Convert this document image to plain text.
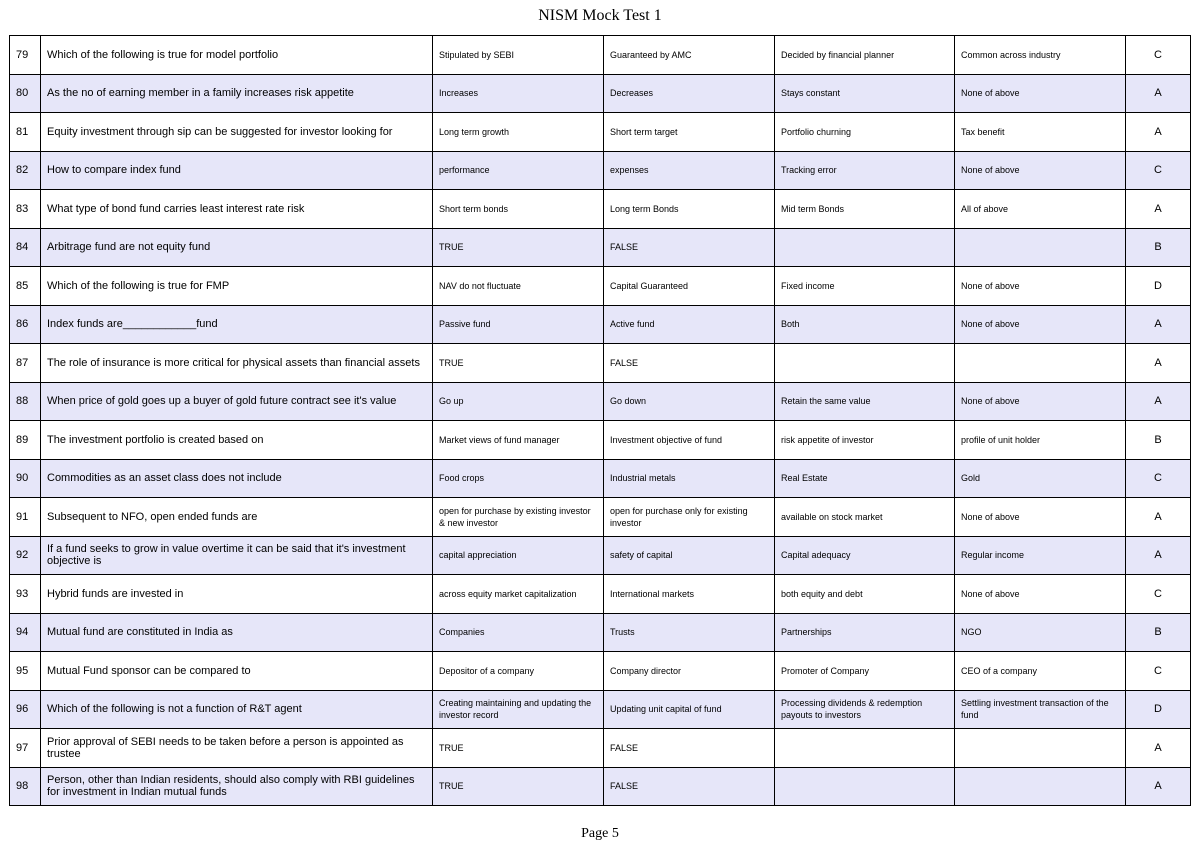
NISM Mock Test 1
79	Which of the following is true for model portfolio	Stipulated by SEBI	Guaranteed by AMC	Decided by financial planner	Common across industry	C
80	As the no of earning member in a family increases risk appetite	Increases	Decreases	Stays constant	None of above	A
81	Equity investment through sip can be suggested for investor looking for	Long term growth	Short term target	Portfolio churning	Tax benefit	A
82	How to compare index fund	performance	expenses	Tracking error	None of above	C
83	What type of bond fund carries least interest rate risk	Short term bonds	Long term Bonds	Mid term Bonds	All of above	A
84	Arbitrage fund are not equity fund	TRUE	FALSE			B
85	Which of the following is true for FMP	NAV do not fluctuate	Capital Guaranteed	Fixed income	None of above	D
86	Index funds are____________fund	Passive fund	Active fund	Both	None of above	A
87	The role of insurance is more critical for physical assets than financial assets	TRUE	FALSE			A
88	When price of gold goes up a buyer of gold future contract see it's value	Go up	Go down	Retain the same value	None of above	A
89	The investment portfolio is created based on	Market views of fund manager	Investment objective of fund	risk appetite of investor	profile of unit holder	B
90	Commodities as an asset class does not include	Food crops	Industrial metals	Real Estate	Gold	C
91	Subsequent to NFO, open ended funds are	open for purchase by existing investor & new investor	open for purchase only for existing investor	available on stock market	None of above	A
92	If a fund seeks to grow in value overtime it can be said that it's investment objective is	capital appreciation	safety of capital	Capital adequacy	Regular income	A
93	Hybrid funds are invested in	across equity market capitalization	International markets	both equity and debt	None of above	C
94	Mutual fund are constituted in India as	Companies	Trusts	Partnerships	NGO	B
95	Mutual Fund sponsor can be compared to	Depositor of a company	Company director	Promoter of Company	CEO of a company	C
96	Which of the following is not a function of R&T agent	Creating maintaining and updating the investor record	Updating unit capital of fund	Processing dividends & redemption payouts to investors	Settling investment transaction of the fund	D
97	Prior approval of SEBI needs to be taken before a person is appointed as trustee	TRUE	FALSE			A
98	Person, other than Indian residents, should also comply with RBI guidelines for investment in Indian mutual funds	TRUE	FALSE			A
Page 5
